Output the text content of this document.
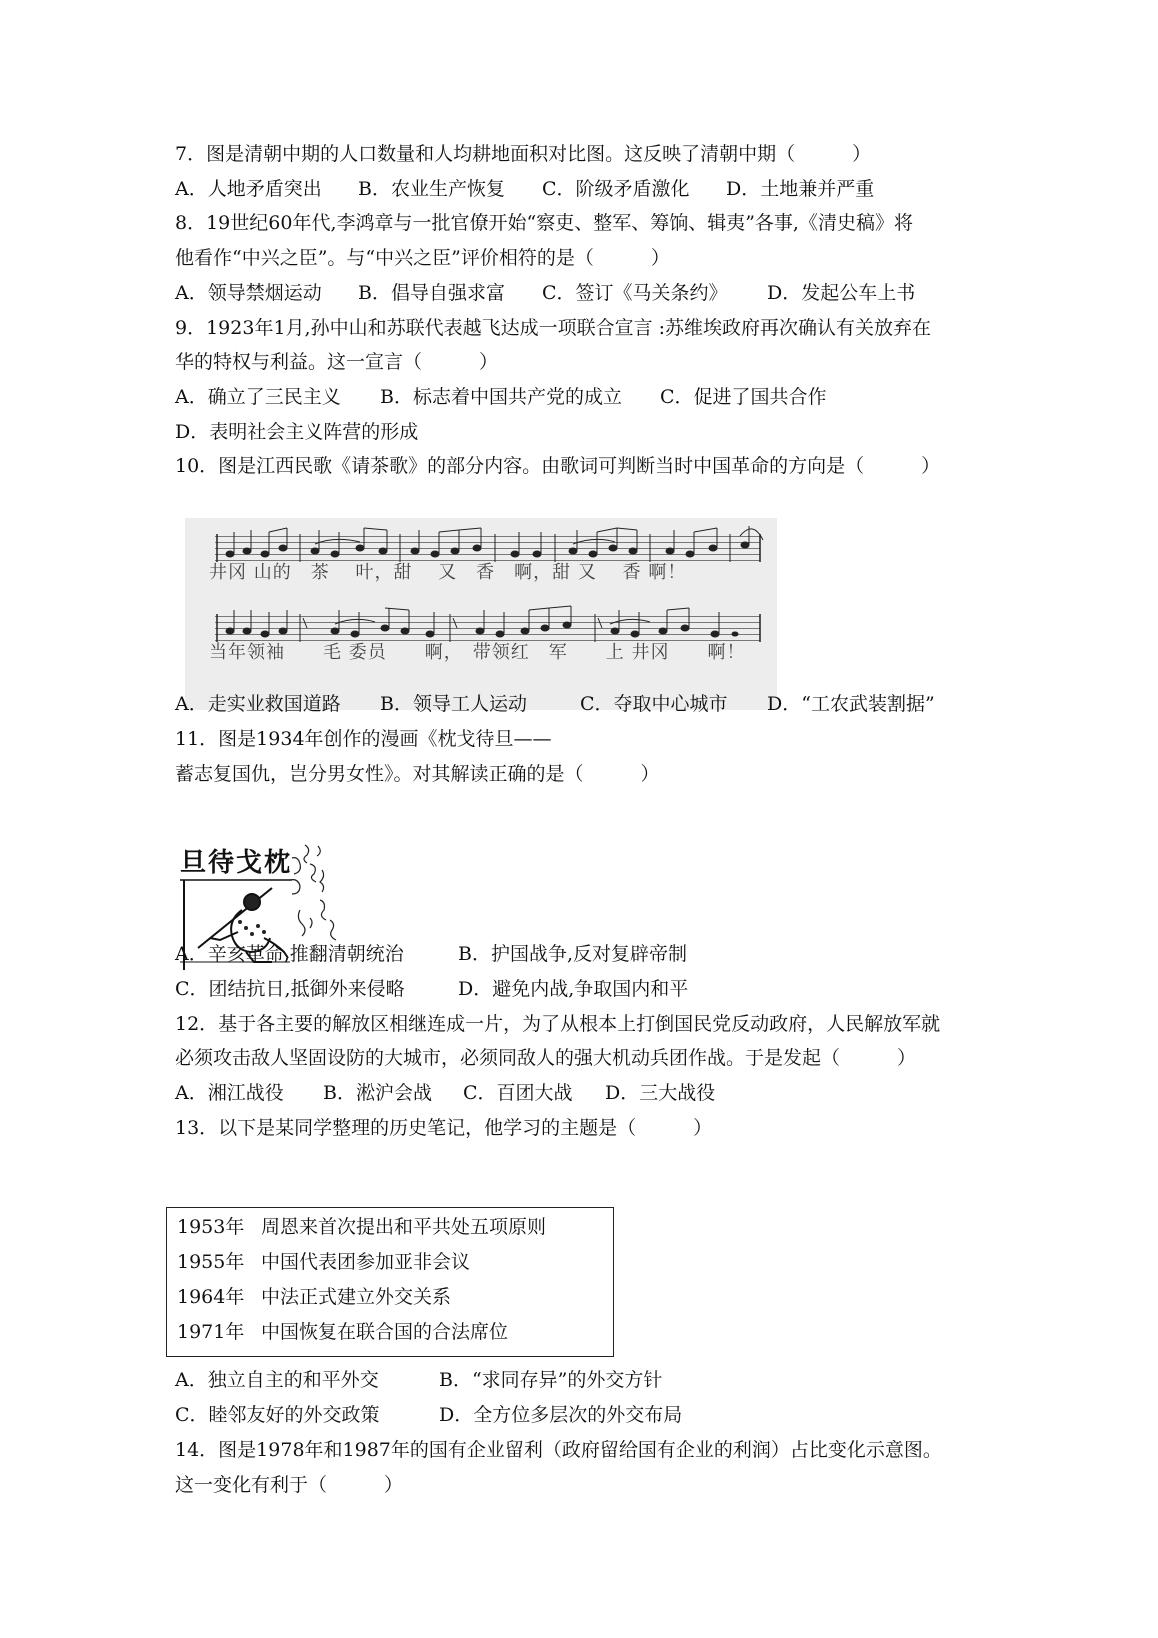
7．图是清朝中期的人口数量和人均耕地面积对比图。这反映了清朝中期（　　　）
A．人地矛盾突出 B．农业生产恢复 C．阶级矛盾激化 D．土地兼并严重
8．19世纪60年代,李鸿章与一批官僚开始“察吏、整军、筹饷、辑夷”各事,《清史稿》将
他看作“中兴之臣”。与“中兴之臣”评价相符的是（　　　）
A．领导禁烟运动 B．倡导自强求富 C．签订《马关条约》 D．发起公车上书
9．1923年1月,孙中山和苏联代表越飞达成一项联合宣言 :苏维埃政府再次确认有关放弃在
华的特权与利益。这一宣言（　　　）
A．确立了三民主义 B．标志着中国共产党的成立 C．促进了国共合作
D．表明社会主义阵营的形成
10．图是江西民歌《请茶歌》的部分内容。由歌词可判断当时中国革命的方向是（　　　）
井冈 山的　茶　 叶，甜　 又　香　啊，甜 又　 香 啊！
当年领袖　　毛 委员　　啊，　带领红　军　　上 井冈　　啊！
A．走实业救国道路 B．领导工人运动	C．夺取中心城市 D．“工农武装割据”
11．图是1934年创作的漫画《枕戈待旦——
蓄志复国仇，岂分男女性》。对其解读正确的是（　　　）
旦待戈枕
A．辛亥革命,推翻清朝统治	B．护国战争,反对复辟帝制
C．团结抗日,抵御外来侵略	D．避免内战,争取国内和平
12．基于各主要的解放区相继连成一片，为了从根本上打倒国民党反动政府，人民解放军就
必须攻击敌人坚固设防的大城市，必须同敌人的强大机动兵团作战。于是发起（　　　）
A．湘江战役 B．淞沪会战 C．百团大战 D．三大战役
13．以下是某同学整理的历史笔记，他学习的主题是（　　　）
1953年 周恩来首次提出和平共处五项原则
1955年 中国代表团参加亚非会议
1964年 中法正式建立外交关系
1971年 中国恢复在联合国的合法席位
A．独立自主的和平外交	B．“求同存异”的外交方针
C．睦邻友好的外交政策	D．全方位多层次的外交布局
14．图是1978年和1987年的国有企业留利（政府留给国有企业的利润）占比变化示意图。
这一变化有利于（　　　）
